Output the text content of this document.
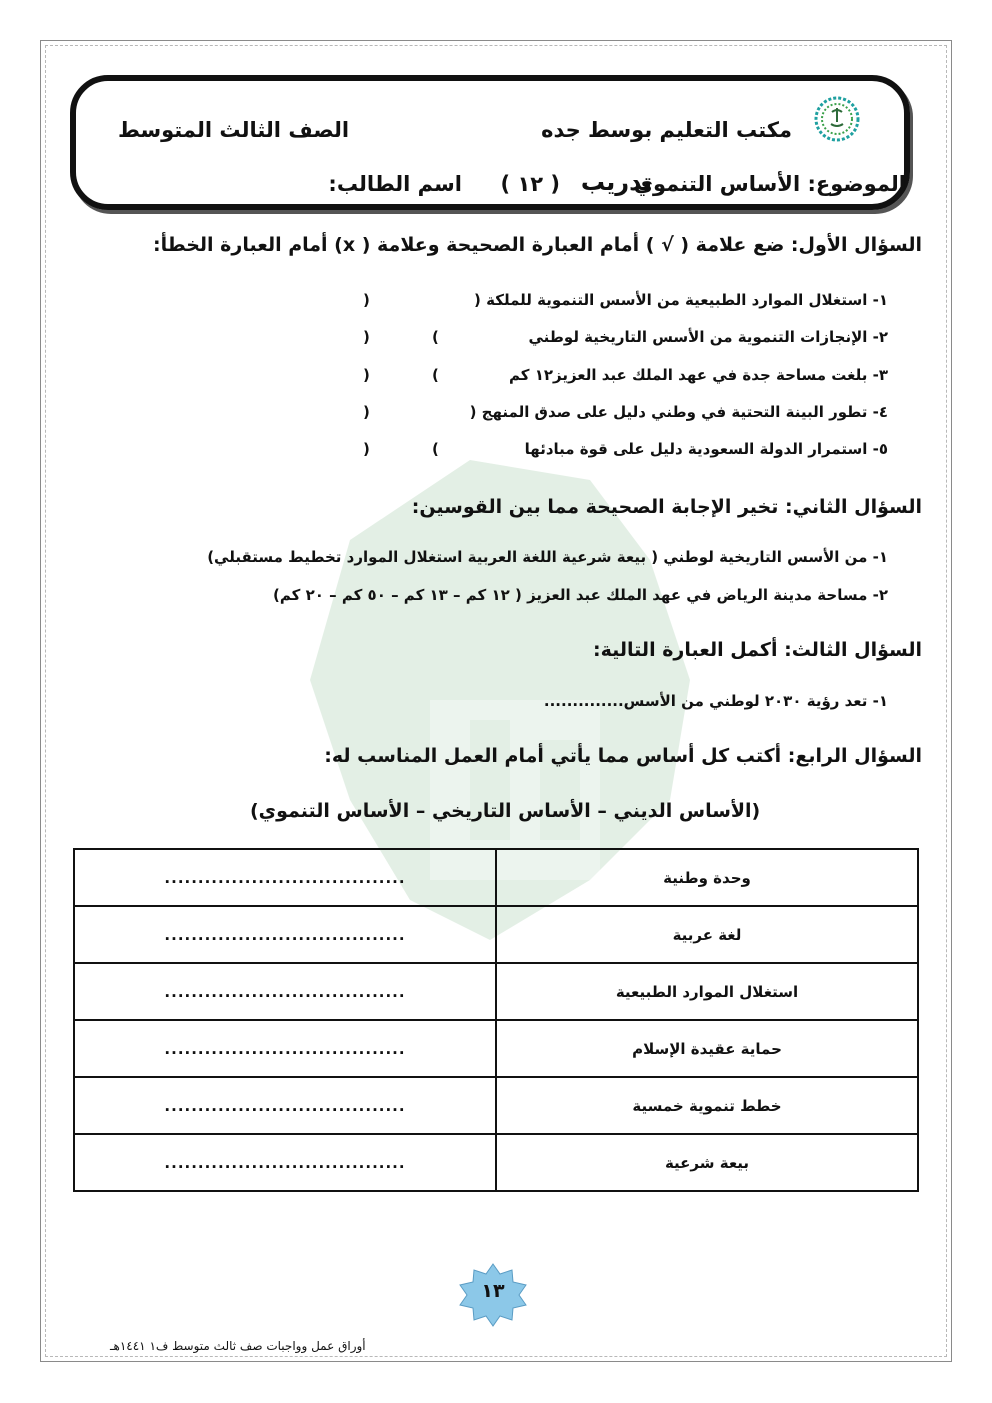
مكتب التعليم بوسط جده
الصف الثالث المتوسط
الموضوع: الأساس التنموي
تدريب
( ١٢ )
اسم الطالب:
السؤال الأول: ضع علامة ( √ ) أمام العبارة الصحيحة وعلامة ( ⅹ) أمام العبارة الخطأ:
١- استغلال الموارد الطبيعية من الأسس التنموية للملكة (
)
٢- الإنجازات التنموية من الأسس التاريخية لوطني
(
)
٣- بلغت مساحة جدة في عهد الملك عبد العزيز١٢ كم
(
)
٤- تطور البينة التحتية في وطني دليل على صدق المنهج (
)
٥- استمرار الدولة السعودية دليل على قوة مبادئها
(
)
السؤال الثاني: تخير الإجابة الصحيحة مما بين القوسين:
١- من الأسس التاريخية لوطني ( بيعة شرعية اللغة العربية استغلال الموارد تخطيط مستقبلي)
٢- مساحة مدينة الرياض في عهد الملك عبد العزيز ( ١٢ كم – ١٣ كم – ٥٠ كم – ٢٠ كم)
السؤال الثالث: أكمل العبارة التالية:
١- تعد رؤية ٢٠٣٠ لوطني من الأسس..............
السؤال الرابع: أكتب كل أساس مما يأتي أمام العمل المناسب له:
(الأساس الديني – الأساس التاريخي – الأساس التنموي)
....................................	وحدة وطنية
....................................	لغة عربية
....................................	استغلال الموارد الطبيعية
....................................	حماية عقيدة الإسلام
....................................	خطط تنموية خمسية
....................................	بيعة شرعية
١٣
أوراق عمل وواجبات صف ثالث متوسط ف١ ١٤٤١هـ
